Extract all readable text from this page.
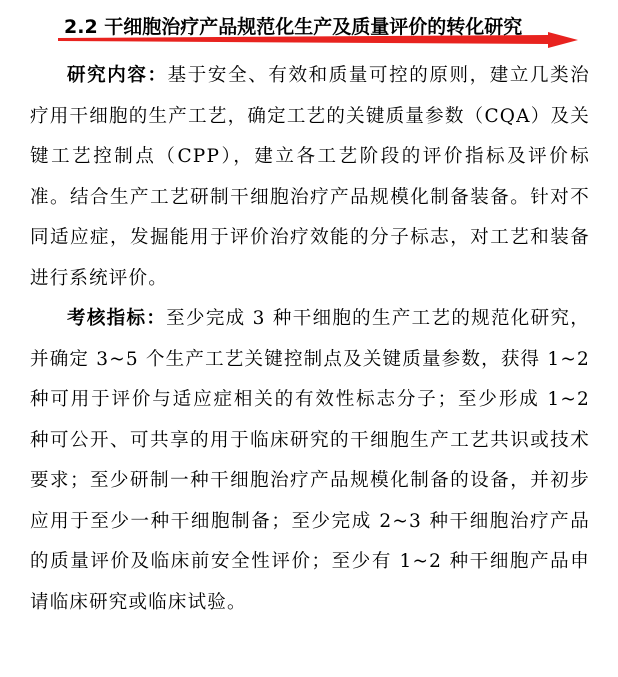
2.2 干细胞治疗产品规范化生产及质量评价的转化研究

研究内容：基于安全、有效和质量可控的原则，建立几类治疗用干细胞的生产工艺，确定工艺的关键质量参数（CQA）及关键工艺控制点（CPP），建立各工艺阶段的评价指标及评价标准。结合生产工艺研制干细胞治疗产品规模化制备装备。针对不同适应症，发掘能用于评价治疗效能的分子标志，对工艺和装备进行系统评价。

考核指标：至少完成 3 种干细胞的生产工艺的规范化研究，并确定 3~5 个生产工艺关键控制点及关键质量参数，获得 1~2 种可用于评价与适应症相关的有效性标志分子；至少形成 1~2 种可公开、可共享的用于临床研究的干细胞生产工艺共识或技术要求；至少研制一种干细胞治疗产品规模化制备的设备，并初步应用于至少一种干细胞制备；至少完成 2~3 种干细胞治疗产品的质量评价及临床前安全性评价；至少有 1~2 种干细胞产品申请临床研究或临床试验。
